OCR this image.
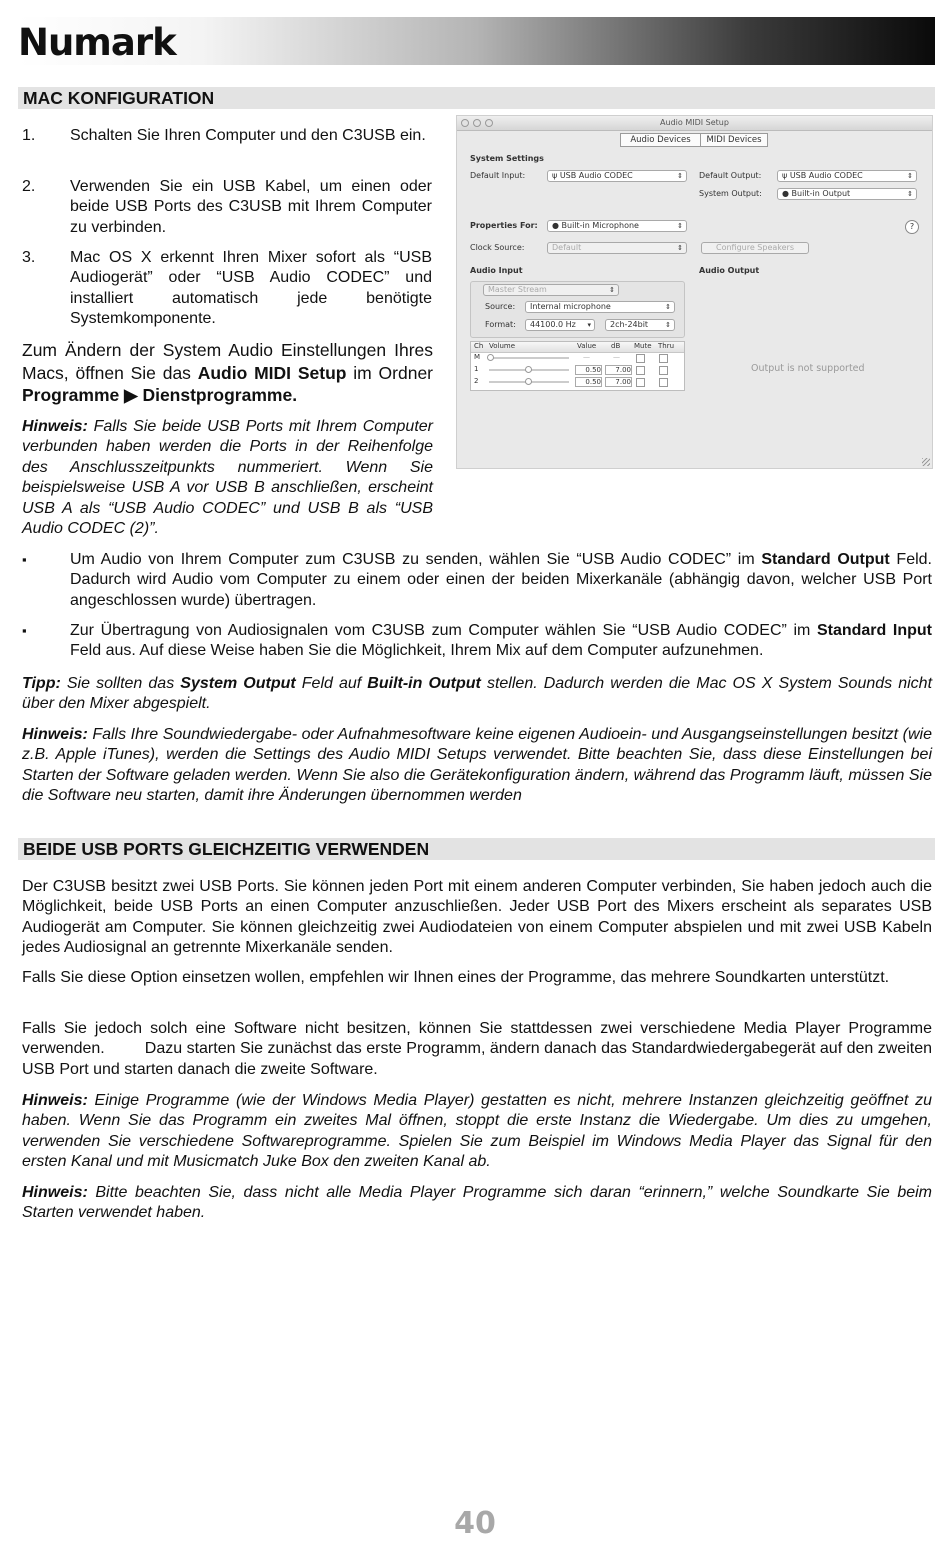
Numark
MAC KONFIGURATION
1. Schalten Sie Ihren Computer und den C3USB ein.
2. Verwenden Sie ein USB Kabel, um einen oder beide USB Ports des C3USB mit Ihrem Computer zu verbinden.
3. Mac OS X erkennt Ihren Mixer sofort als “USB Audiogerät” oder “USB Audio CODEC” und installiert automatisch jede benötigte Systemkomponente.
Zum Ändern der System Audio Einstellungen Ihres Macs, öffnen Sie das Audio MIDI Setup im Ordner Programme ▶ Dienstprogramme.
Hinweis: Falls Sie beide USB Ports mit Ihrem Computer verbunden haben werden die Ports in der Reihenfolge des Anschlusszeitpunkts nummeriert. Wenn Sie beispielsweise USB A vor USB B anschließen, erscheint USB A als “USB Audio CODEC” und USB B als “USB Audio CODEC (2)”.
Audio MIDI Setup
Audio Devices	MIDI Devices
System Settings
Default Input:	ψ USB Audio CODEC	⇕ Default Output:	ψ USB Audio CODEC	⇕
System Output:	● Built-in Output	⇕
Properties For:	● Built-in Microphone	⇕	?
Clock Source:	Default	⇕	Configure Speakers
Audio Input	Audio Output
Master Stream	⇕
Source:	Internal microphone	⇕
Format:	44100.0 Hz ▾	2ch-24bit ⇕
Ch Volume	Value dB Mute Thru
M	—	—
1	0.50	7.00
2	0.50	7.00
Output is not supported
▪	Um Audio von Ihrem Computer zum C3USB zu senden, wählen Sie “USB Audio CODEC” im Standard Output Feld. Dadurch wird Audio vom Computer zu einem oder einen der beiden Mixerkanäle (abhängig davon, welcher USB Port angeschlossen wurde) übertragen.
▪	Zur Übertragung von Audiosignalen vom C3USB zum Computer wählen Sie “USB Audio CODEC” im Standard Input Feld aus. Auf diese Weise haben Sie die Möglichkeit, Ihrem Mix auf dem Computer aufzunehmen.
Tipp: Sie sollten das System Output Feld auf Built-in Output stellen. Dadurch werden die Mac OS X System Sounds nicht über den Mixer abgespielt.
Hinweis: Falls Ihre Soundwiedergabe- oder Aufnahmesoftware keine eigenen Audioein- und Ausgangseinstellungen besitzt (wie z.B. Apple iTunes), werden die Settings des Audio MIDI Setups verwendet. Bitte beachten Sie, dass diese Einstellungen bei Starten der Software geladen werden. Wenn Sie also die Gerätekonfiguration ändern, während das Programm läuft, müssen Sie die Software neu starten, damit ihre Änderungen übernommen werden
BEIDE USB PORTS GLEICHZEITIG VERWENDEN
Der C3USB besitzt zwei USB Ports. Sie können jeden Port mit einem anderen Computer verbinden, Sie haben jedoch auch die Möglichkeit, beide USB Ports an einen Computer anzuschließen. Jeder USB Port des Mixers erscheint als separates USB Audiogerät am Computer. Sie können gleichzeitig zwei Audiodateien von einem Computer abspielen und mit zwei USB Kabeln jedes Audiosignal an getrennte Mixerkanäle senden.
Falls Sie diese Option einsetzen wollen, empfehlen wir Ihnen eines der Programme, das mehrere Soundkarten unterstützt.
Falls Sie jedoch solch eine Software nicht besitzen, können Sie stattdessen zwei verschiedene Media Player Programme verwenden.         Dazu starten Sie zunächst das erste Programm, ändern danach das Standardwiedergabegerät auf den zweiten USB Port und starten danach die zweite Software.
Hinweis: Einige Programme (wie der Windows Media Player) gestatten es nicht, mehrere Instanzen gleichzeitig geöffnet zu haben. Wenn Sie das Programm ein zweites Mal öffnen, stoppt die erste Instanz die Wiedergabe. Um dies zu umgehen, verwenden Sie verschiedene Softwareprogramme. Spielen Sie zum Beispiel im Windows Media Player das Signal für den ersten Kanal und mit Musicmatch Juke Box den zweiten Kanal ab.
Hinweis: Bitte beachten Sie, dass nicht alle Media Player Programme sich daran “erinnern,” welche Soundkarte Sie beim Starten verwendet haben.
40
